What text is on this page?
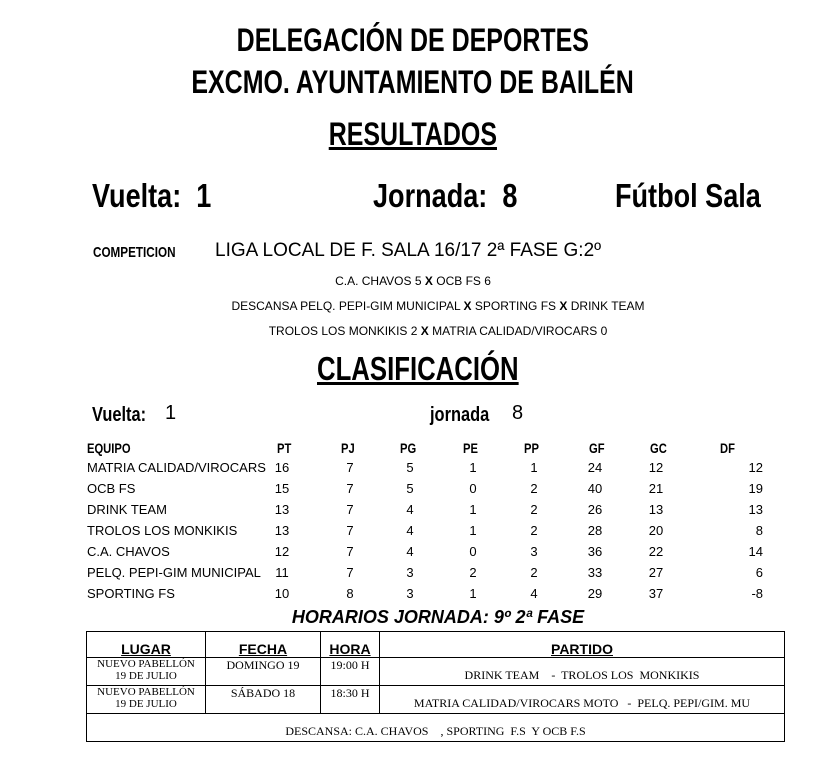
DELEGACIÓN DE DEPORTES
EXCMO. AYUNTAMIENTO DE BAILÉN
RESULTADOS
Vuelta: 1	Jornada: 8	Fútbol Sala
COMPETICION LIGA LOCAL DE F. SALA 16/17 2ª FASE G:2º
C.A. CHAVOS 5 X OCB FS 6
DESCANSA PELQ. PEPI-GIM MUNICIPAL X SPORTING FS X DRINK TEAM
TROLOS LOS MONKIKIS 2 X MATRIA CALIDAD/VIROCARS 0
CLASIFICACIÓN
Vuelta: 1	jornada 8
EQUIPO	PT	PJ	PG	PE	PP	GF	GC	DF
MATRIA CALIDAD/VIROCARS 16	7	5	1	1	24	12	12
OCB FS	15	7	5	0	2	40	21	19
DRINK TEAM	13	7	4	1	2	26	13	13
TROLOS LOS MONKIKIS	13	7	4	1	2	28	20	8
C.A. CHAVOS	12	7	4	0	3	36	22	14
PELQ. PEPI-GIM MUNICIPAL	11	7	3	2	2	33	27	6
SPORTING FS	10	8	3	1	4	29	37	-8
HORARIOS JORNADA: 9º 2ª FASE
LUGAR	FECHA	HORA	PARTIDO

NUEVO PABELLÓN
19 DE JULIO	DOMINGO 19	19:00 H	DRINK TEAM    -  TROLOS LOS  MONKIKIS

NUEVO PABELLÓN
19 DE JULIO	SÁBADO 18	18:30 H	MATRIA CALIDAD/VIROCARS MOTO   -  PELQ. PEPI/GIM. MU
DESCANSA: C.A. CHAVOS    , SPORTING  F.S  Y OCB F.S			
